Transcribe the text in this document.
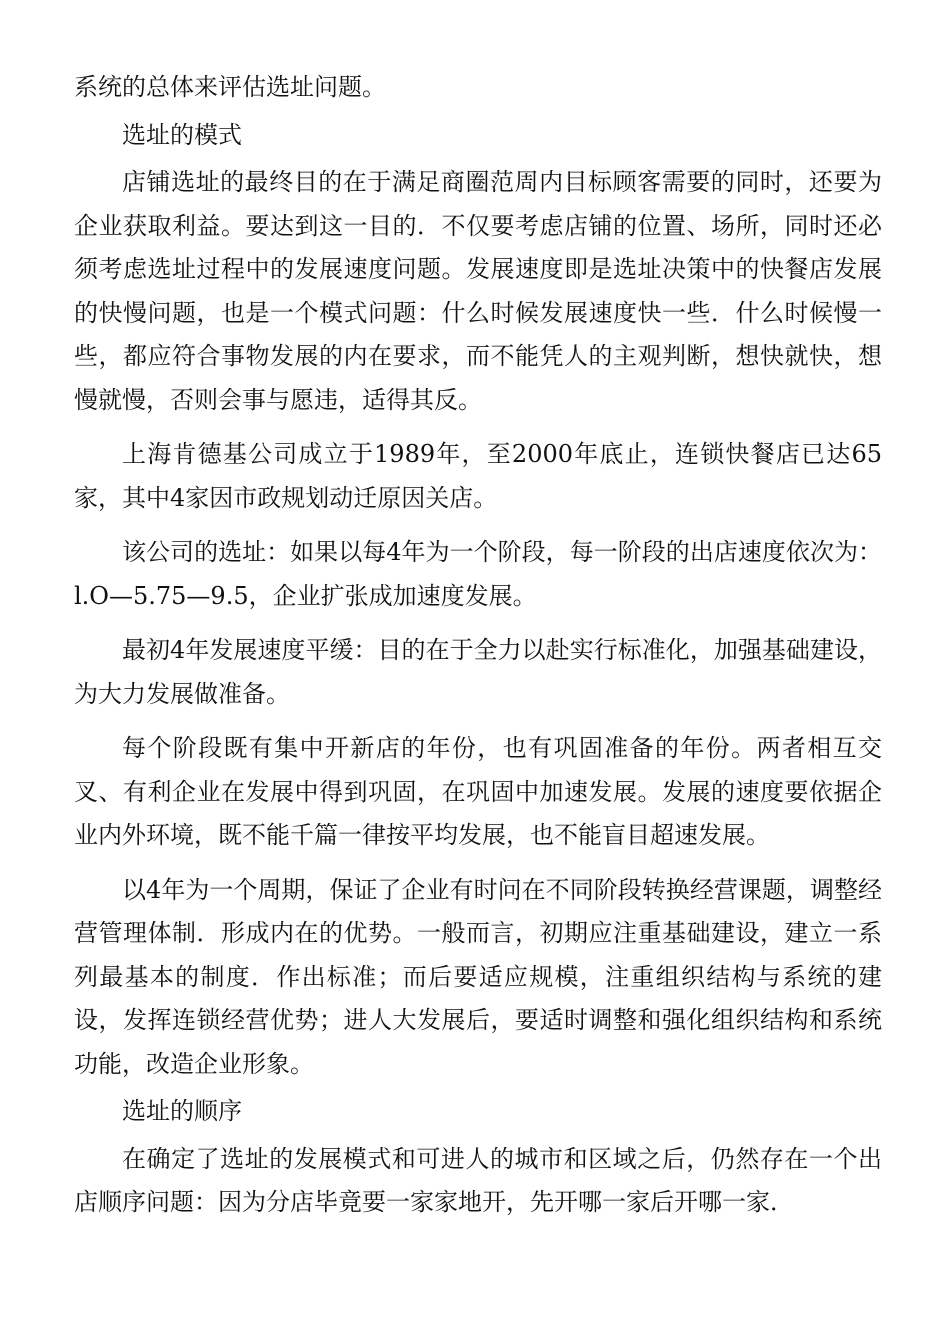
系统的总体来评估选址问题。

选址的模式

店铺选址的最终目的在于满足商圈范周内目标顾客需要的同时，还要为企业获取利益。要达到这一目的．不仅要考虑店铺的位置、场所，同时还必须考虑选址过程中的发展速度问题。发展速度即是选址决策中的快餐店发展的快慢问题，也是一个模式问题：什么时候发展速度快一些．什么时候慢一些，都应符合事物发展的内在要求，而不能凭人的主观判断，想快就快，想慢就慢，否则会事与愿违，适得其反。

上海肯德基公司成立于1989年，至2000年底止，连锁快餐店已达65家，其中4家因市政规划动迁原因关店。

该公司的选址：如果以每4年为一个阶段，每一阶段的出店速度依次为：l.O—5.75—9.5，企业扩张成加速度发展。

最初4年发展速度平缓：目的在于全力以赴实行标准化，加强基础建设，为大力发展做准备。

每个阶段既有集中开新店的年份，也有巩固准备的年份。两者相互交叉、有利企业在发展中得到巩固，在巩固中加速发展。发展的速度要依据企业内外环境，既不能千篇一律按平均发展，也不能盲目超速发展。

以4年为一个周期，保证了企业有时问在不同阶段转换经营课题，调整经营管理体制．形成内在的优势。一般而言，初期应注重基础建设，建立一系列最基本的制度．作出标准；而后要适应规模，注重组织结构与系统的建设，发挥连锁经营优势；进人大发展后，要适时调整和强化组织结构和系统功能，改造企业形象。

选址的顺序

在确定了选址的发展模式和可进人的城市和区域之后，仍然存在一个出店顺序问题：因为分店毕竟要一家家地开，先开哪一家后开哪一家．
